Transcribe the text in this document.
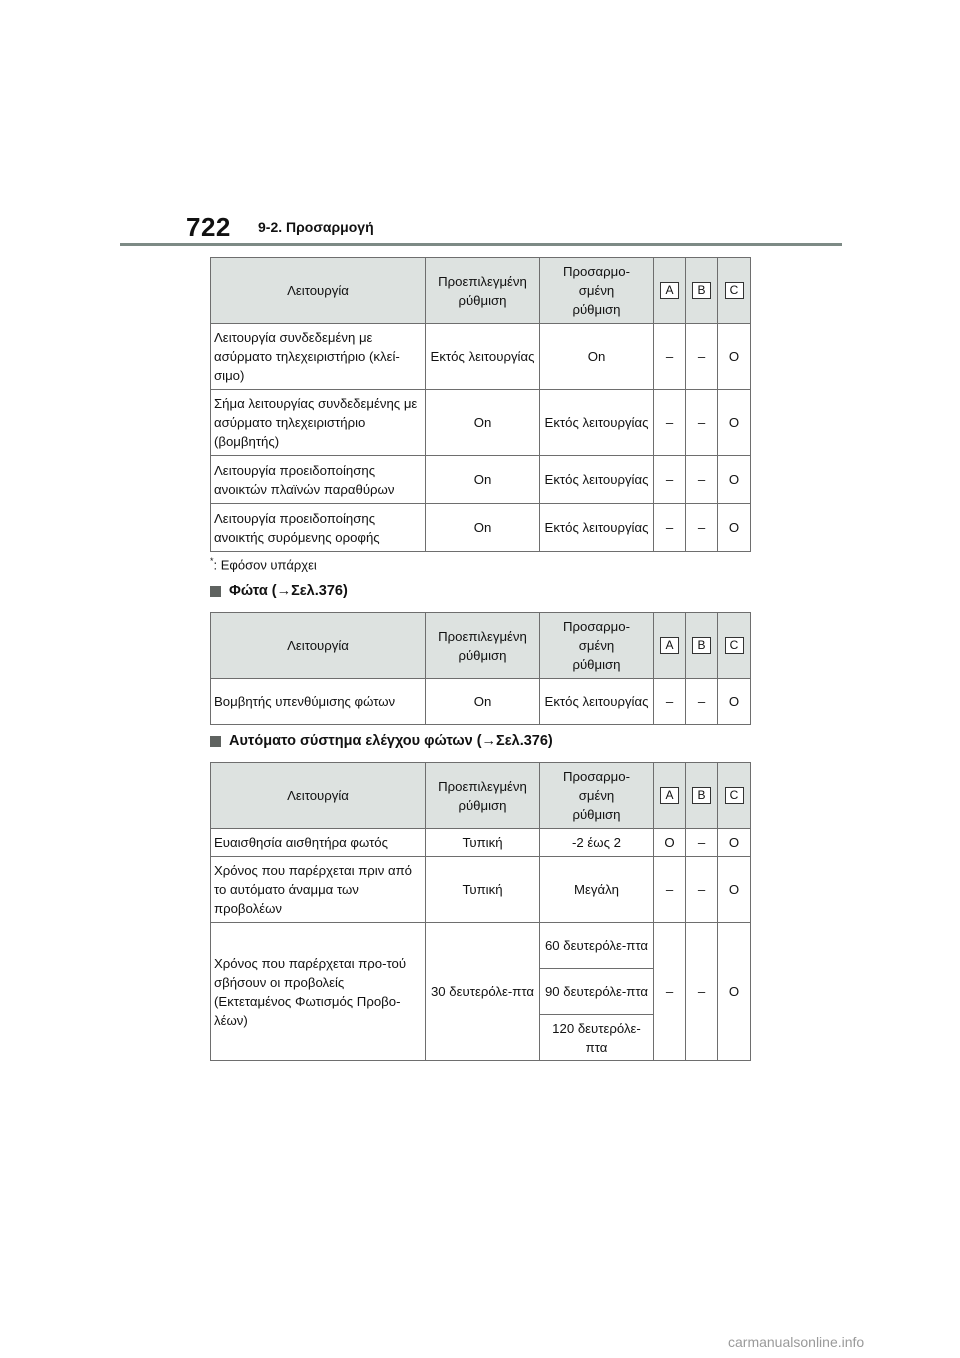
722 9-2. Προσαρμογή
Λειτουργία	Προεπιλεγμένη ρύθμιση	Προσαρμο-
σμένη
ρύθμιση	A	B	C

Λειτουργία συνδεδεμένη με ασύρματο τηλεχειριστήριο (κλεί-σιμο)	Εκτός λειτουργίας	On	–	–	O
Σήμα λειτουργίας συνδεδεμένης με ασύρματο τηλεχειριστήριο (βομβητής)	On	Εκτός λειτουργίας	–	–	O
Λειτουργία προειδοποίησης ανοικτών πλαϊνών παραθύρων	On	Εκτός λειτουργίας	–	–	O
Λειτουργία προειδοποίησης ανοικτής συρόμενης οροφής	On	Εκτός λειτουργίας	–	–	O
*: Εφόσον υπάρχει
Φώτα (→Σελ.376)
Λειτουργία	Προεπιλεγμένη ρύθμιση	Προσαρμο-
σμένη
ρύθμιση	A	B	C

Βομβητής υπενθύμισης φώτων	On	Εκτός λειτουργίας	–	–	O
Αυτόματο σύστημα ελέγχου φώτων (→Σελ.376)
Λειτουργία	Προεπιλεγμένη ρύθμιση	Προσαρμο-
σμένη
ρύθμιση	A	B	C

Ευαισθησία αισθητήρα φωτός	Τυπική	-2 έως 2	O	–	O
Χρόνος που παρέρχεται πριν από το αυτόματο άναμμα των προβολέων	Τυπική	Μεγάλη	–	–	O
Χρόνος που παρέρχεται προ-τού σβήσουν οι προβολείς (Εκτεταμένος Φωτισμός Προβο-λέων)	30 δευτερόλε-πτα	60 δευτερόλε-πτα	–	–	O
		90 δευτερόλε-πτα			
		120 δευτερόλε-πτα			
carmanualsonline.info
